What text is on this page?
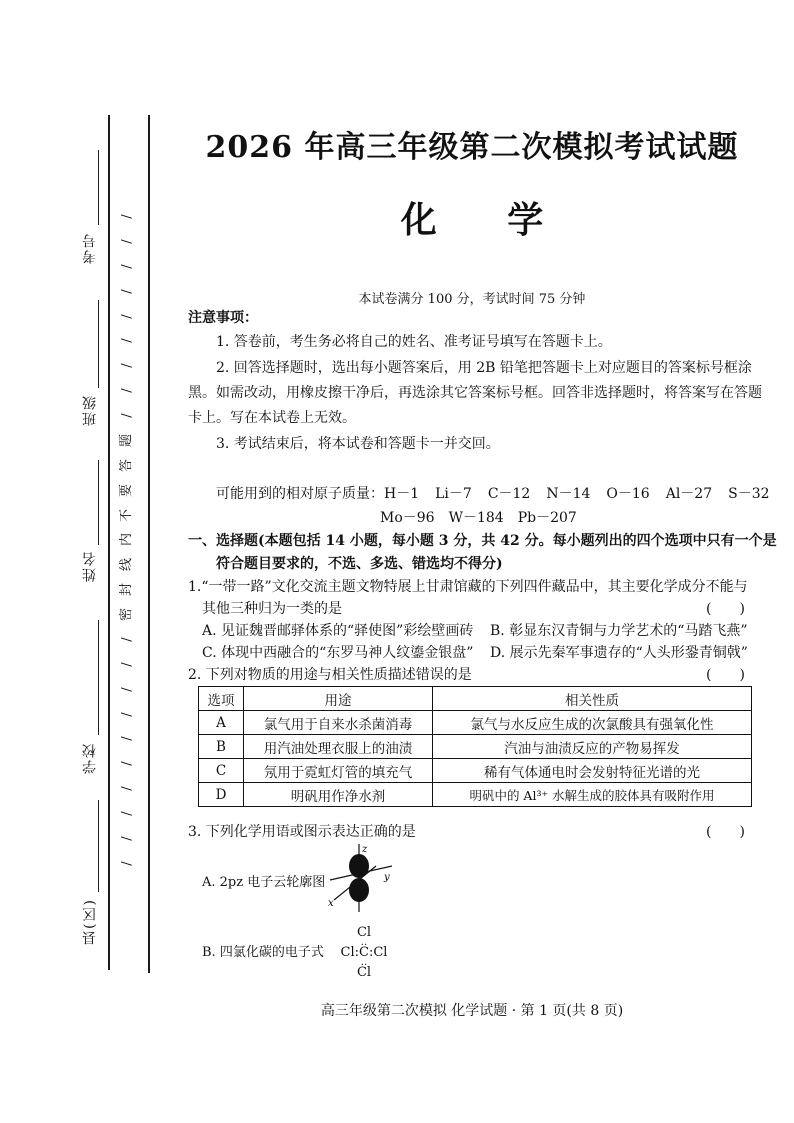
考号
班级
姓名
学校
县(区)
/
/
/
/
/
/
/
/
/
题
答
要
不
内
线
封
密
/
/
/
/
/
/
/
/
/
/
2026 年高三年级第二次模拟考试试题
化 学
本试卷满分 100 分，考试时间 75 分钟
注意事项：
1. 答卷前，考生务必将自己的姓名、准考证号填写在答题卡上。
2. 回答选择题时，选出每小题答案后，用 2B 铅笔把答题卡上对应题目的答案标号框涂
黑。如需改动，用橡皮擦干净后，再选涂其它答案标号框。回答非选择题时，将答案写在答题
卡上。写在本试卷上无效。
3. 考试结束后，将本试卷和答题卡一并交回。
可能用到的相对原子质量：H－1 Li－7 C－12 N－14 O－16 Al－27 S－32
Mo－96 W－184 Pb－207
一、选择题(本题包括 14 小题，每小题 3 分，共 42 分。每小题列出的四个选项中只有一个是
符合题目要求的，不选、多选、错选均不得分)
1.“一带一路”文化交流主题文物特展上甘肃馆藏的下列四件藏品中，其主要化学成分不能与
其他三种归为一类的是	(　　)
A. 见证魏晋邮驿体系的“驿使图”彩绘壁画砖 B. 彰显东汉青铜与力学艺术的“马踏飞燕”
C. 体现中西融合的“东罗马神人纹鎏金银盘” D. 展示先秦军事遗存的“人头形銎青铜戟”
2. 下列对物质的用途与相关性质描述错误的是	(　　)
选项	用途	相关性质
A	氯气用于自来水杀菌消毒	氯气与水反应生成的次氯酸具有强氧化性
B	用汽油处理衣服上的油渍	汽油与油渍反应的产物易挥发
C	氖用于霓虹灯管的填充气	稀有气体通电时会发射特征光谱的光
D	明矾用作净水剂	明矾中的 Al³⁺ 水解生成的胶体具有吸附作用
3. 下列化学用语或图示表达正确的是	(　　)
A. 2pz 电子云轮廓图
z
y
x
B. 四氯化碳的电子式
Cl
‥
Cl:C:Cl
‥
Cl
高三年级第二次模拟 化学试题 · 第 1 页(共 8 页)
